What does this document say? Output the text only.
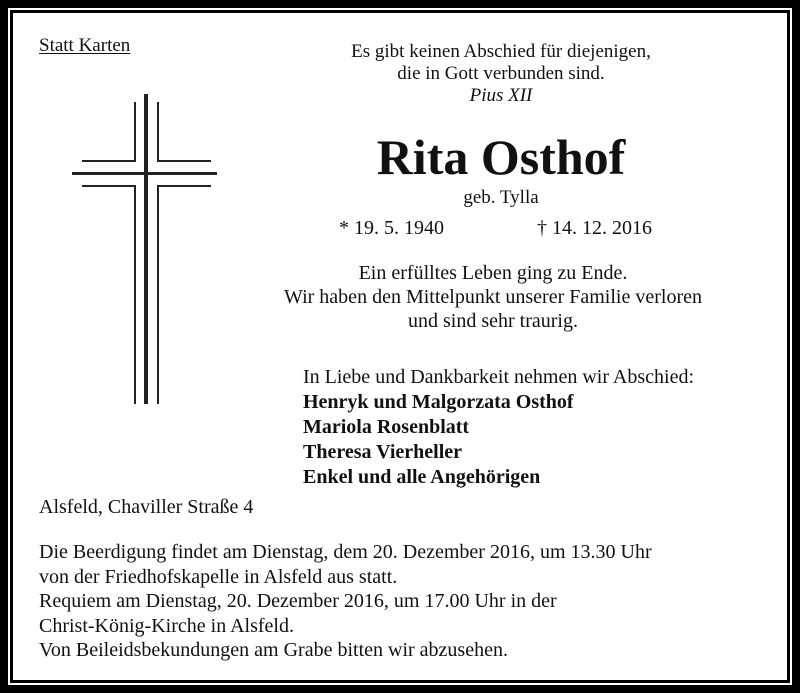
Statt Karten	Es gibt keinen Abschied für diejenigen,
die in Gott verbunden sind.
Pius XII
Rita Osthof
geb. Tylla
* 19. 5. 1940	† 14. 12. 2016
Ein erfülltes Leben ging zu Ende.
Wir haben den Mittelpunkt unserer Familie verloren
und sind sehr traurig.
In Liebe und Dankbarkeit nehmen wir Abschied:
Henryk und Malgorzata Osthof
Mariola Rosenblatt
Theresa Vierheller
Enkel und alle Angehörigen
Alsfeld, Chaviller Straße 4
Die Beerdigung findet am Dienstag, dem 20. Dezember 2016, um 13.30 Uhr
von der Friedhofskapelle in Alsfeld aus statt.
Requiem am Dienstag, 20. Dezember 2016, um 17.00 Uhr in der
Christ-König-Kirche in Alsfeld.
Von Beileidsbekundungen am Grabe bitten wir abzusehen.
